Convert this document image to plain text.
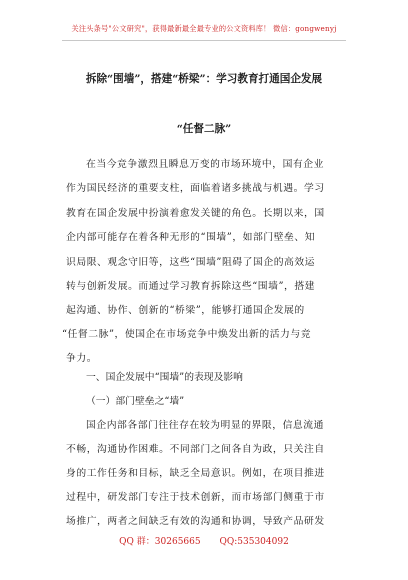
关注头条号"公文研究"，获得最新最全最专业的公文资料库！ 微信：gongwenyj
拆除“围墙”，搭建“桥梁”：学习教育打通国企发展
“任督二脉”
在当今竞争激烈且瞬息万变的市场环境中，国有企业
作为国民经济的重要支柱，面临着诸多挑战与机遇。学习
教育在国企发展中扮演着愈发关键的角色。长期以来，国
企内部可能存在着各种无形的“围墙”，如部门壁垒、知
识局限、观念守旧等，这些“围墙”阻碍了国企的高效运
转与创新发展。而通过学习教育拆除这些“围墙”，搭建
起沟通、协作、创新的“桥梁”，能够打通国企发展的
“任督二脉”，使国企在市场竞争中焕发出新的活力与竞
争力。
一、国企发展中“围墙”的表现及影响
（一）部门壁垒之“墙”
国企内部各部门往往存在较为明显的界限，信息流通
不畅，沟通协作困难。不同部门之间各自为政，只关注自
身的工作任务和目标，缺乏全局意识。例如，在项目推进
过程中，研发部门专注于技术创新，而市场部门侧重于市
场推广，两者之间缺乏有效的沟通和协调，导致产品研发
QQ 群：30265665 QQ:535304092
